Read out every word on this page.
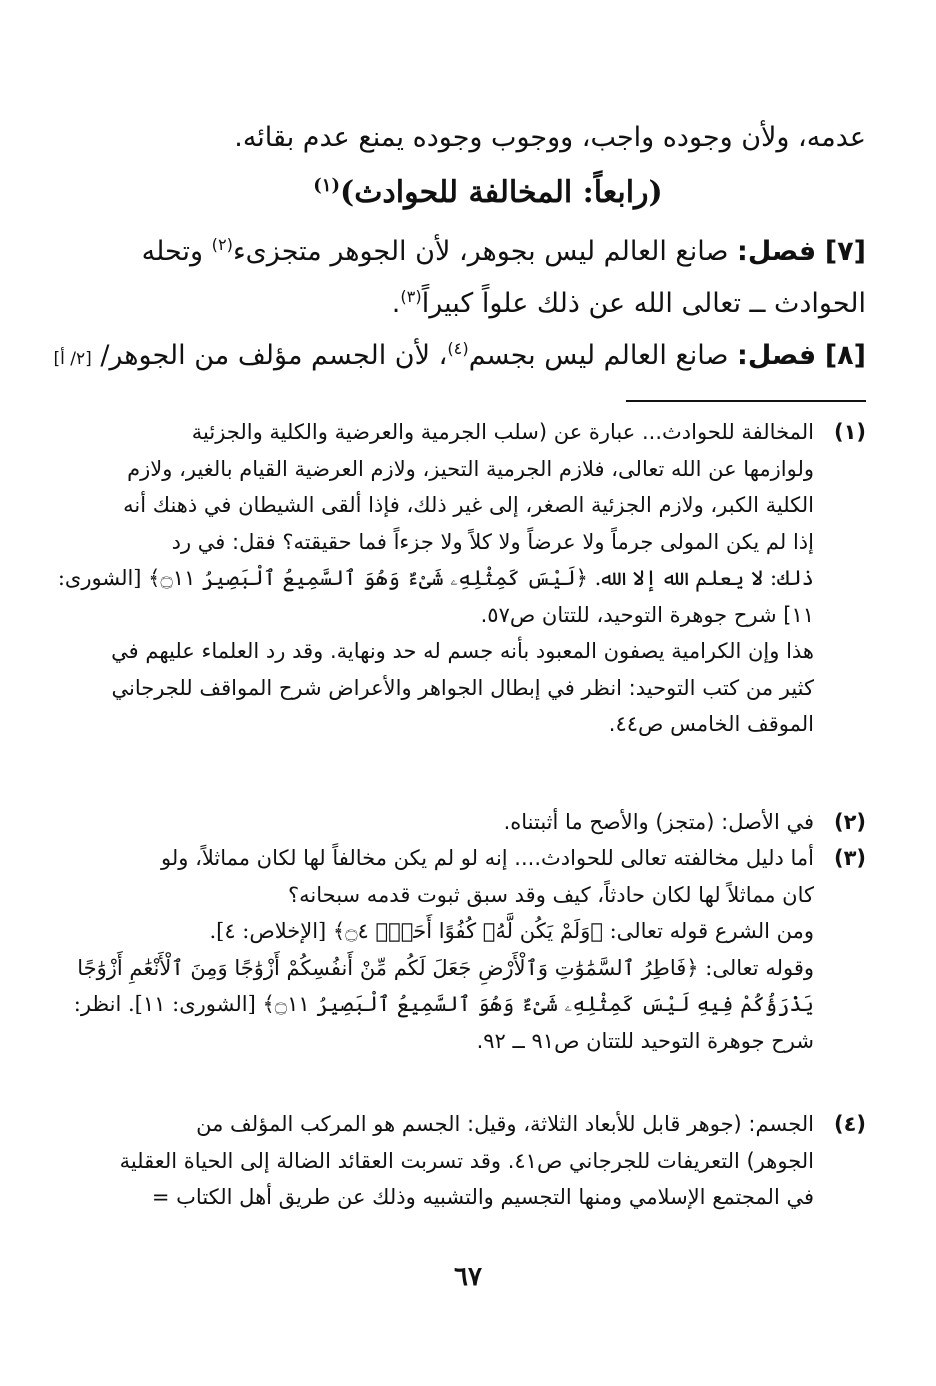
عدمه، ولأن وجوده واجب، ووجوب وجوده يمنع عدم بقائه.
(رابعاً: المخالفة للحوادث)$^{(١)}$
[٧] فصل: صانع العالم ليس بجوهر، لأن الجوهر متجزىء$^{(٢)}$ وتحله
الحوادث ــ تعالى الله عن ذلك علواً كبيراً$^{(٣)}$.
[٨] فصل: صانع العالم ليس بجسم$^{(٤)}$، لأن الجسم مؤلف من الجوهر/ [٢/ أ]
(١)

المخالفة للحوادث... عبارة عن (سلب الجرمية والعرضية والكلية والجزئية

ولوازمها عن الله تعالى، فلازم الجرمية التحيز، ولازم العرضية القيام بالغير، ولازم

الكلية الكبر، ولازم الجزئية الصغر، إلى غير ذلك، فإذا ألقى الشيطان في ذهنك أنه

إذا لم يكن المولى جرماً ولا عرضاً ولا كلاً ولا جزءاً فما حقيقته؟ فقل: في رد

ذلك: لا يعلم الله إلا الله. ﴿لَيْسَ كَمِثْلِهِۦ شَىْءٌ وَهُوَ ٱلسَّمِيعُ ٱلْبَصِيرُ ۝١١﴾ [الشورى:

١١] شرح جوهرة التوحيد، للتتان ص٥٧.

هذا وإن الكرامية يصفون المعبود بأنه جسم له حد ونهاية. وقد رد العلماء عليهم في

كثير من كتب التوحيد: انظر في إبطال الجواهر والأعراض شرح المواقف للجرجاني

الموقف الخامس ص٤٤.

(٢)

في الأصل: (متجز) والأصح ما أثبتناه.

(٣)

أما دليل مخالفته تعالى للحوادث.... إنه لو لم يكن مخالفاً لها لكان مماثلاً، ولو

كان مماثلاً لها لكان حادثاً، كيف وقد سبق ثبوت قدمه سبحانه؟

ومن الشرع قوله تعالى: ﴿وَلَمْ يَكُن لَّهُۥ كُفُوًا أَحَدٌۢ ۝٤﴾ [الإخلاص: ٤].

وقوله تعالى: ﴿فَاطِرُ ٱلسَّمَٰوَٰتِ وَٱلْأَرْضِ جَعَلَ لَكُم مِّنْ أَنفُسِكُمْ أَزْوَٰجًا وَمِنَ ٱلْأَنْعَٰمِ أَزْوَٰجًا

يَذْرَؤُكُمْ فِيهِ لَيْسَ كَمِثْلِهِۦ شَىْءٌ وَهُوَ ٱلسَّمِيعُ ٱلْبَصِيرُ ۝١١﴾ [الشورى: ١١]. انظر:

شرح جوهرة التوحيد للتتان ص٩١ ــ ٩٢.

(٤)

الجسم: (جوهر قابل للأبعاد الثلاثة، وقيل: الجسم هو المركب المؤلف من

الجوهر) التعريفات للجرجاني ص٤١. وقد تسربت العقائد الضالة إلى الحياة العقلية

في المجتمع الإسلامي ومنها التجسيم والتشبيه وذلك عن طريق أهل الكتاب =

٦٧
